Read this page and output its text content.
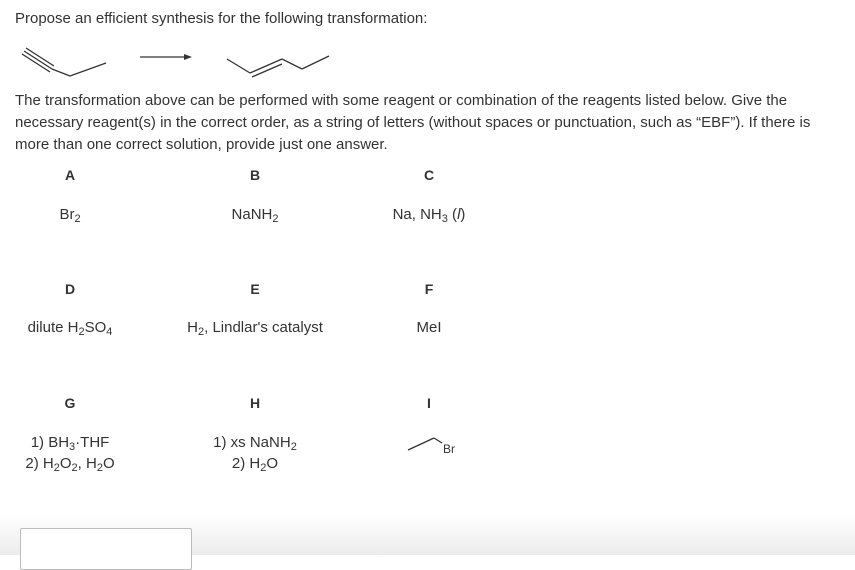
Propose an efficient synthesis for the following transformation:
The transformation above can be performed with some reagent or combination of the reagents listed below. Give the necessary reagent(s) in the correct order, as a string of letters (without spaces or punctuation, such as “EBF”). If there is more than one correct solution, provide just one answer.
A
$Br_2$
B
NaNH$_2$
C
Na, $NH_3$ (l)
D
dilute $H_2SO_4$
E
$H_2$, Lindlar's catalyst
F
MeI
G
1) $BH_3\cdot THF$
2) $H_2O_2$, $H_2O$
H
1) xs NaNH$_2$
2) $H_2O$
I
Br
